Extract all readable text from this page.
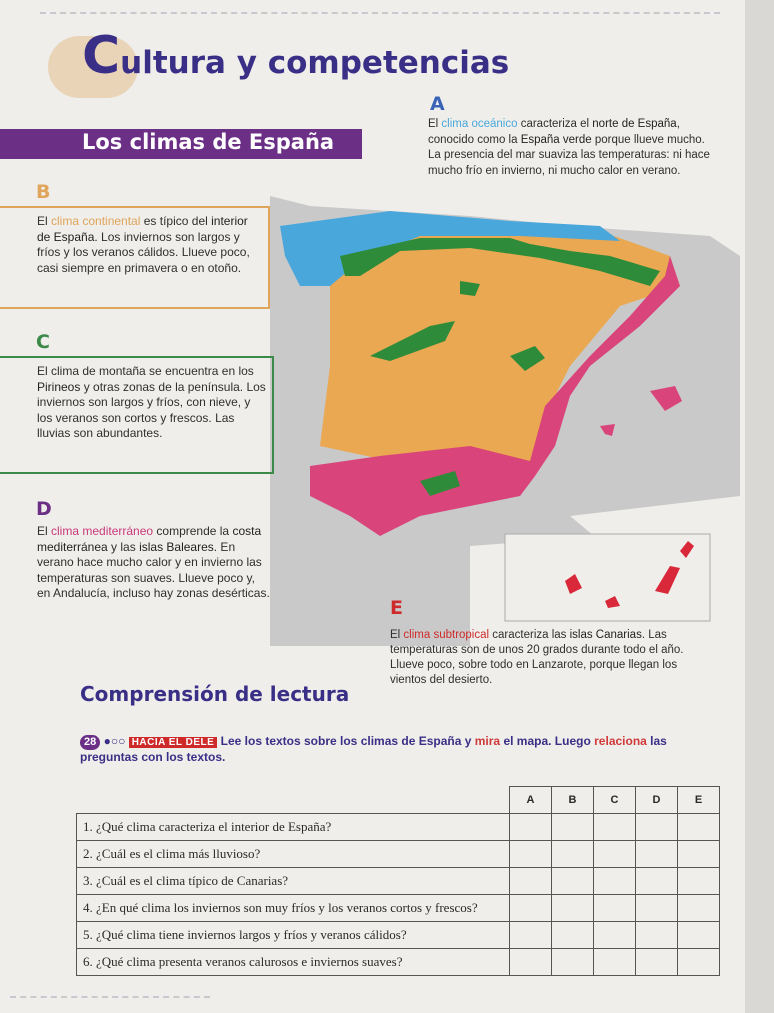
Cultura y competencias
Los climas de España
A
B
C
D
E
El clima oceánico caracteriza el norte de España, conocido como la España verde porque llueve mucho. La presencia del mar suaviza las temperaturas: ni hace mucho frío en invierno, ni mucho calor en verano.
El clima continental es típico del interior de España. Los inviernos son largos y fríos y los veranos cálidos. Llueve poco, casi siempre en primavera o en otoño.
El clima de montaña se encuentra en los Pirineos y otras zonas de la península. Los inviernos son largos y fríos, con nieve, y los veranos son cortos y frescos. Las lluvias son abundantes.
El clima mediterráneo comprende la costa mediterránea y las islas Baleares. En verano hace mucho calor y en invierno las temperaturas son suaves. Llueve poco y, en Andalucía, incluso hay zonas desérticas.
El clima subtropical caracteriza las islas Canarias. Las temperaturas son de unos 20 grados durante todo el año. Llueve poco, sobre todo en Lanzarote, porque llegan los vientos del desierto.
Comprensión de lectura
28 ●○○ HACIA EL DELE Lee los textos sobre los climas de España y mira el mapa. Luego relaciona las preguntas con los textos.
	A	B	C	D	E
1. ¿Qué clima caracteriza el interior de España?					
2. ¿Cuál es el clima más lluvioso?					
3. ¿Cuál es el clima típico de Canarias?					
4. ¿En qué clima los inviernos son muy fríos y los veranos cortos y frescos?					
5. ¿Qué clima tiene inviernos largos y fríos y veranos cálidos?					
6. ¿Qué clima presenta veranos calurosos e inviernos suaves?					
